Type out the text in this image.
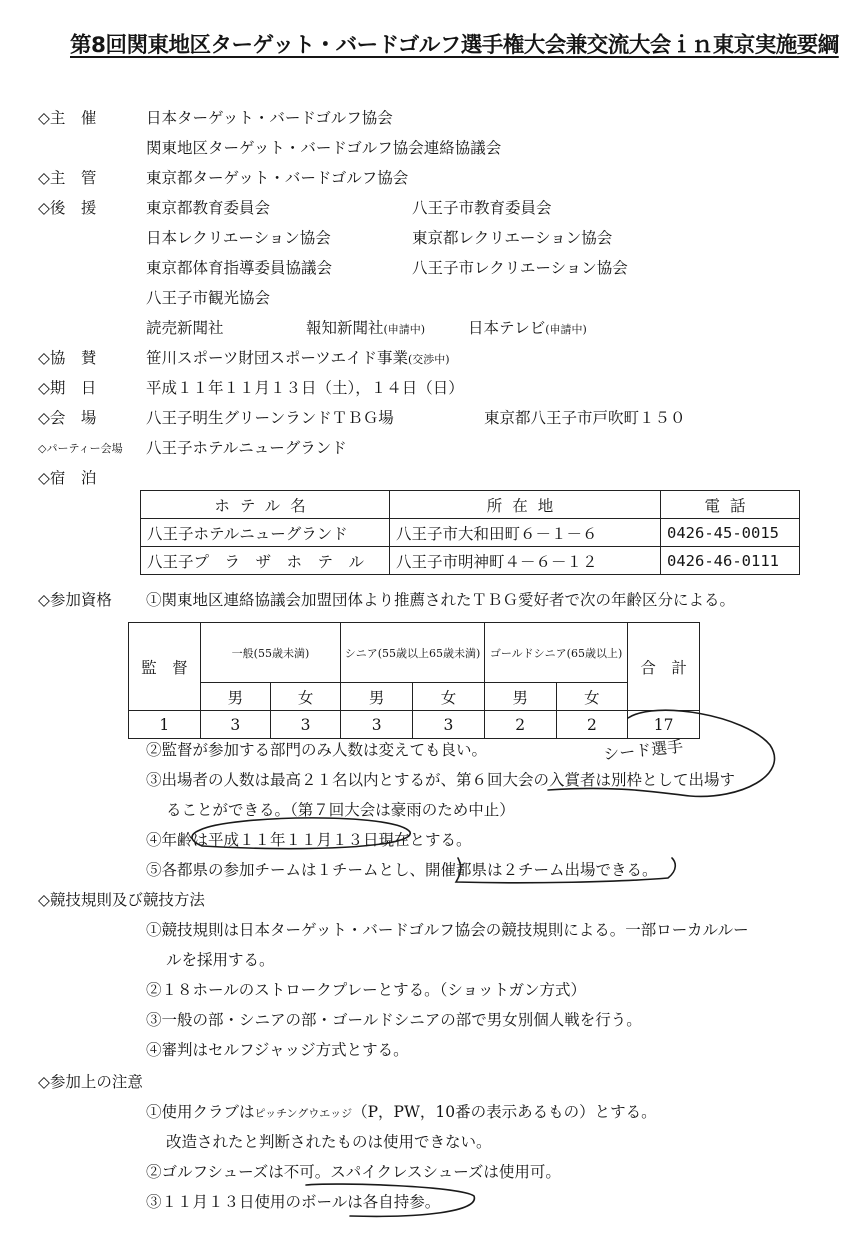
第8回関東地区ターゲット・バードゴルフ選手権大会兼交流大会ｉｎ東京実施要綱
◇主　催	日本ターゲット・バードゴルフ協会
関東地区ターゲット・バードゴルフ協会連絡協議会
◇主　管	東京都ターゲット・バードゴルフ協会
◇後　援	東京都教育委員会	八王子市教育委員会
日本レクリエーション協会	東京都レクリエーション協会
東京都体育指導委員協議会	八王子市レクリエーション協会
八王子市観光協会
読売新聞社	報知新聞社(申請中)	日本テレビ(申請中)
◇協　賛	笹川スポーツ財団スポーツエイド事業(交渉中)
◇期　日	平成１１年１１月１３日（土），１４日（日）
◇会　場	八王子明生グリーンランドＴＢＧ場	東京都八王子市戸吹町１５０
◇パーティー会場 八王子ホテルニューグランド
◇宿　泊
ホテル名	所在地	電話
八王子ホテルニューグランド	八王子市大和田町６－１－６	0426-45-0015
八王子プ　ラ　ザ　ホ　テ　ル	八王子市明神町４－６－１２	0426-46-0111
◇参加資格 ①関東地区連絡協議会加盟団体より推薦されたＴＢＧ愛好者で次の年齢区分による。
監　督	一般(55歳未満)		シニア(55歳以上65歳未満)		ゴールドシニア(65歳以上)		合　計
	男	女	男	女	男	女	
1	3	3	3	3	2	2	17
②監督が参加する部門のみ人数は変えても良い。
③出場者の人数は最高２１名以内とするが、第６回大会の入賞者は別枠として出場す
ることができる。（第７回大会は豪雨のため中止）
④年齢は平成１１年１１月１３日現在とする。
⑤各都県の参加チームは１チームとし、開催都県は２チーム出場できる。
◇競技規則及び競技方法
①競技規則は日本ターゲット・バードゴルフ協会の競技規則による。一部ローカルルー
ルを採用する。
②１８ホールのストロークプレーとする。（ショットガン方式）
③一般の部・シニアの部・ゴールドシニアの部で男女別個人戦を行う。
④審判はセルフジャッジ方式とする。
◇参加上の注意
①使用クラブはピッチングウエッジ（P，PW，10番の表示あるもの）とする。
改造されたと判断されたものは使用できない。
②ゴルフシューズは不可。スパイクレスシューズは使用可。
③１１月１３日使用のボールは各自持参。
シード選手
